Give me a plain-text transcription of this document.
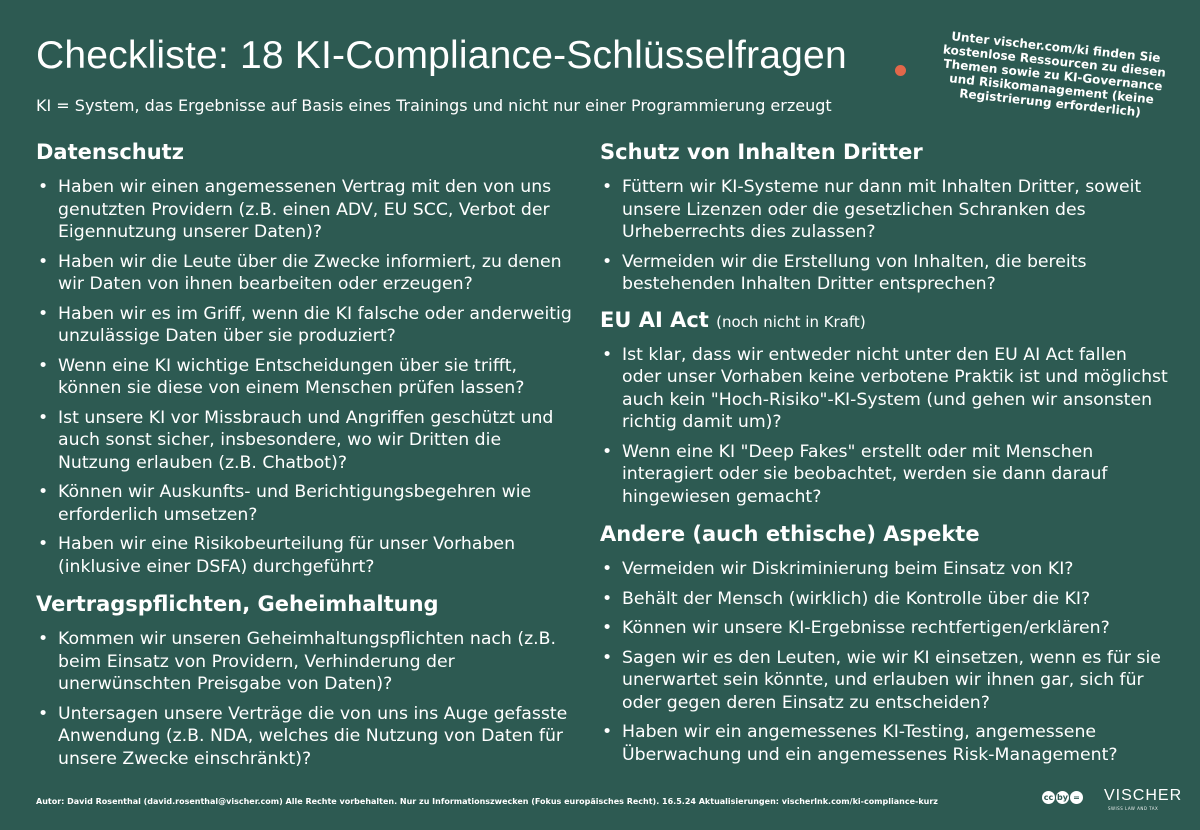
Checkliste: 18 KI-Compliance-Schlüsselfragen
KI = System, das Ergebnisse auf Basis eines Trainings und nicht nur einer Programmierung erzeugt
Unter vischer.com/ki finden Sie kostenlose Ressourcen zu diesen Themen sowie zu KI-Governance und Risikomanagement (keine Registrierung erforderlich)
Datenschutz
• Haben wir einen angemessenen Vertrag mit den von uns genutzten Providern (z.B. einen ADV, EU SCC, Verbot der Eigennutzung unserer Daten)?
• Haben wir die Leute über die Zwecke informiert, zu denen wir Daten von ihnen bearbeiten oder erzeugen?
• Haben wir es im Griff, wenn die KI falsche oder anderweitig unzulässige Daten über sie produziert?
• Wenn eine KI wichtige Entscheidungen über sie trifft, können sie diese von einem Menschen prüfen lassen?
• Ist unsere KI vor Missbrauch und Angriffen geschützt und auch sonst sicher, insbesondere, wo wir Dritten die Nutzung erlauben (z.B. Chatbot)?
• Können wir Auskunfts- und Berichtigungsbegehren wie erforderlich umsetzen?
• Haben wir eine Risikobeurteilung für unser Vorhaben (inklusive einer DSFA) durchgeführt?
Vertragspflichten, Geheimhaltung
• Kommen wir unseren Geheimhaltungspflichten nach (z.B. beim Einsatz von Providern, Verhinderung der unerwünschten Preisgabe von Daten)?
• Untersagen unsere Verträge die von uns ins Auge gefasste Anwendung (z.B. NDA, welches die Nutzung von Daten für unsere Zwecke einschränkt)?
Schutz von Inhalten Dritter
• Füttern wir KI-Systeme nur dann mit Inhalten Dritter, soweit unsere Lizenzen oder die gesetzlichen Schranken des Urheberrechts dies zulassen?
• Vermeiden wir die Erstellung von Inhalten, die bereits bestehenden Inhalten Dritter entsprechen?
EU AI Act (noch nicht in Kraft)
• Ist klar, dass wir entweder nicht unter den EU AI Act fallen oder unser Vorhaben keine verbotene Praktik ist und möglichst auch kein "Hoch-Risiko"-KI-System (und gehen wir ansonsten richtig damit um)?
• Wenn eine KI "Deep Fakes" erstellt oder mit Menschen interagiert oder sie beobachtet, werden sie dann darauf hingewiesen gemacht?
Andere (auch ethische) Aspekte
• Vermeiden wir Diskriminierung beim Einsatz von KI?
• Behält der Mensch (wirklich) die Kontrolle über die KI?
• Können wir unsere KI-Ergebnisse rechtfertigen/erklären?
• Sagen wir es den Leuten, wie wir KI einsetzen, wenn es für sie unerwartet sein könnte, und erlauben wir ihnen gar, sich für oder gegen deren Einsatz zu entscheiden?
• Haben wir ein angemessenes KI-Testing, angemessene Überwachung und ein angemessenes Risk-Management?
Autor: David Rosenthal (david.rosenthal@vischer.com) Alle Rechte vorbehalten. Nur zu Informationszwecken (Fokus europäisches Recht). 16.5.24 Aktualisierungen: vischerlnk.com/ki-compliance-kurz	cc by = VISCHER
SWISS LAW AND TAX
